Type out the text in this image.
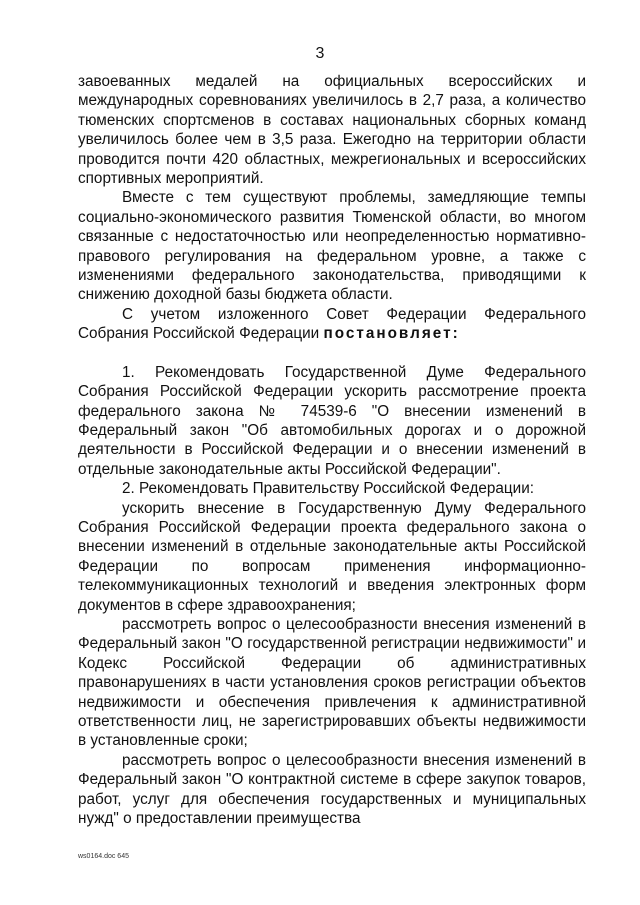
3

завоеванных медалей на официальных всероссийских и международных соревнованиях увеличилось в 2,7 раза, а количество тюменских спортсменов в составах национальных сборных команд увеличилось более чем в 3,5 раза. Ежегодно на территории области проводится почти 420 областных, межрегиональных и всероссийских спортивных мероприятий.

Вместе с тем существуют проблемы, замедляющие темпы социально-экономического развития Тюменской области, во многом связанные с недостаточностью или неопределенностью нормативно-правового регулирования на федеральном уровне, а также с изменениями федерального законодательства, приводящими к снижению доходной базы бюджета области.

С учетом изложенного Совет Федерации Федерального Собрания Российской Федерации постановляет:

1. Рекомендовать Государственной Думе Федерального Собрания Российской Федерации ускорить рассмотрение проекта федерального закона № 74539-6 "О внесении изменений в Федеральный закон "Об автомобильных дорогах и о дорожной деятельности в Российской Федерации и о внесении изменений в отдельные законодательные акты Российской Федерации".

2. Рекомендовать Правительству Российской Федерации:

ускорить внесение в Государственную Думу Федерального Собрания Российской Федерации проекта федерального закона о внесении изменений в отдельные законодательные акты Российской Федерации по вопросам применения информационно-телекоммуникационных технологий и введения электронных форм документов в сфере здравоохранения;

рассмотреть вопрос о целесообразности внесения изменений в Федеральный закон "О государственной регистрации недвижимости" и Кодекс Российской Федерации об административных правонарушениях в части установления сроков регистрации объектов недвижимости и обеспечения привлечения к административной ответственности лиц, не зарегистрировавших объекты недвижимости в установленные сроки;

рассмотреть вопрос о целесообразности внесения изменений в Федеральный закон "О контрактной системе в сфере закупок товаров, работ, услуг для обеспечения государственных и муниципальных нужд" о предоставлении преимущества

ws0164.doc 645
